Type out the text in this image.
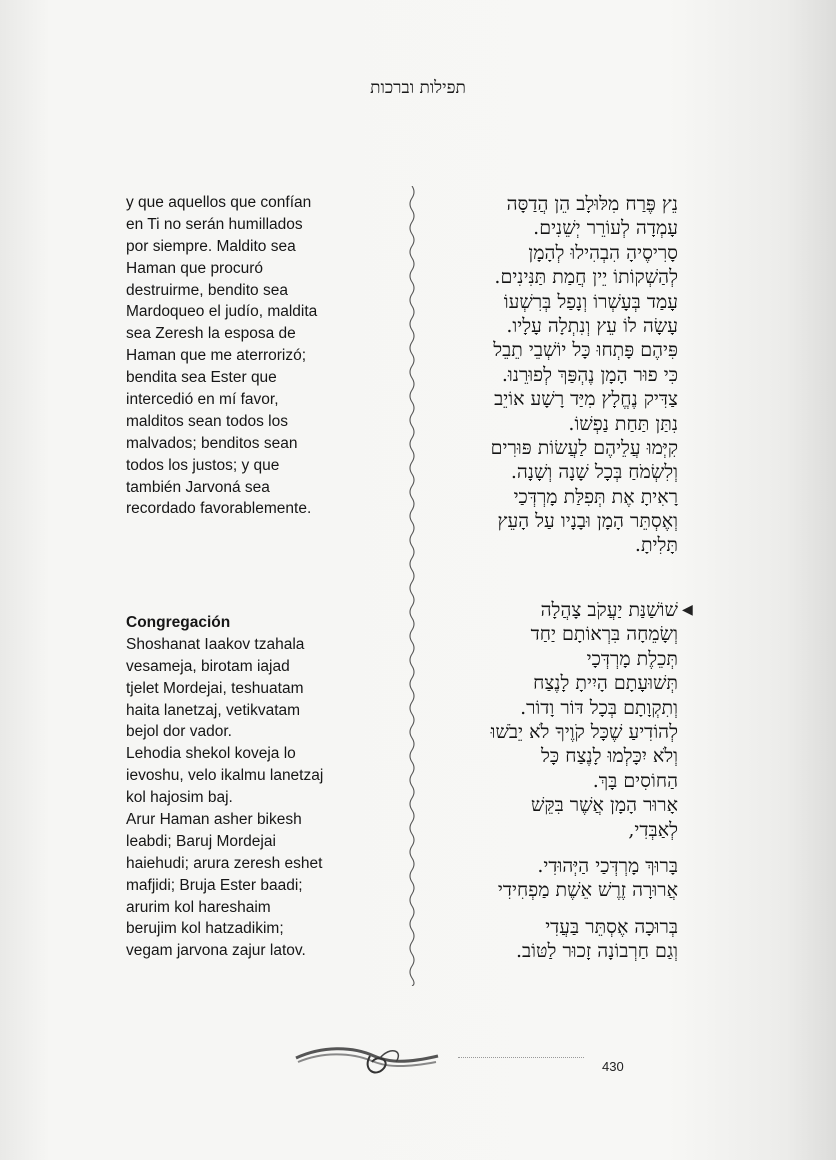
תפילות וברכות
y que aquellos que confían
en Ti no serán humillados
por siempre. Maldito sea
Haman que procuró
destruirme, bendito sea
Mardoqueo el judío, maldita
sea Zeresh la esposa de
Haman que me aterrorizó;
bendita sea Ester que
intercedió en mí favor,
malditos sean todos los
malvados; benditos sean
todos los justos; y que
también Jarvoná sea
recordado favorablemente.
Congregación
Shoshanat Iaakov tzahala
vesameja, birotam iajad
tjelet Mordejai, teshuatam
haita lanetzaj, vetikvatam
bejol dor vador.
Lehodia shekol koveja lo
ievoshu, velo ikalmu lanetzaj
kol hajosim baj.
Arur Haman asher bikesh
leabdi; Baruj Mordejai
haiehudi; arura zeresh eshet
mafjidi; Bruja Ester baadi;
arurim kol hareshaim
berujim kol hatzadikim;
vegam jarvona zajur latov.
נֵץ פֶּרַח מִלּוּלָב הֵן הֲדַסָּה
עָמְדָה לְעוֹרֵר יְשֵׁנִים.
סָרִיסֶיהָ הִבְהִילוּ לְהָמָן
לְהַשְׁקוֹתוֹ יֵין חֲמַת תַּנִּינִים.
עָמַד בְּעָשְׁרוֹ וְנָפַל בְּרִשְׁעוֹ
עָשָׂה לוֹ עֵץ וְנִתְלָה עָלָיו.
פִּיהֶם פָּתְחוּ כָּל יוֹשְׁבֵי תֵבֵל
כִּי פוּר הָמָן נֶהְפַּךְ לְפוּרֵנוּ.
צַדִּיק נֶחֱלָץ מִיַּד רָשָׁע אוֹיֵב
נִתַּן תַּחַת נַפְשׁוֹ.
קִיְּמוּ עֲלֵיהֶם לַעֲשׂוֹת פּוּרִים
וְלִשְׂמֹחַ בְּכָל שָׁנָה וְשָׁנָה.
רָאִיתָ אֶת תְּפִלַּת מָרְדְּכַי
וְאֶסְתֵּר הָמָן וּבָנָיו עַל הָעֵץ
תָּלִיתָ.
◀
שׁוֹשַׁנַּת יַעֲקֹב צָהֲלָה
וְשָׂמֵחָה בִּרְאוֹתָם יַחַד
תְּכֵלֶת מָרְדְּכָי
תְּשׁוּעָתָם הָיִיתָ לָנֶצַח
וְתִקְוָתָם בְּכָל דּוֹר וָדוֹר.
לְהוֹדִיעַ שֶׁכָּל קֹוֶיךָ לֹא יֵבֹשׁוּ
וְלֹא יִכָּלְמוּ לָנֶצַח כָּל
הַחוֹסִים בָּךְ.
אָרוּר הָמָן אֲשֶׁר בִּקֵּשׁ
לְאַבְּדִי,
בָּרוּךְ מָרְדְּכַי הַיְּהוּדִי.
אֲרוּרָה זֶרֶשׁ אֵשֶׁת מַפְחִידִי
בְּרוּכָה אֶסְתֵּר בַּעֲדִי
וְגַם חַרְבוֹנָה זָכוּר לַטּוֹב.
430
